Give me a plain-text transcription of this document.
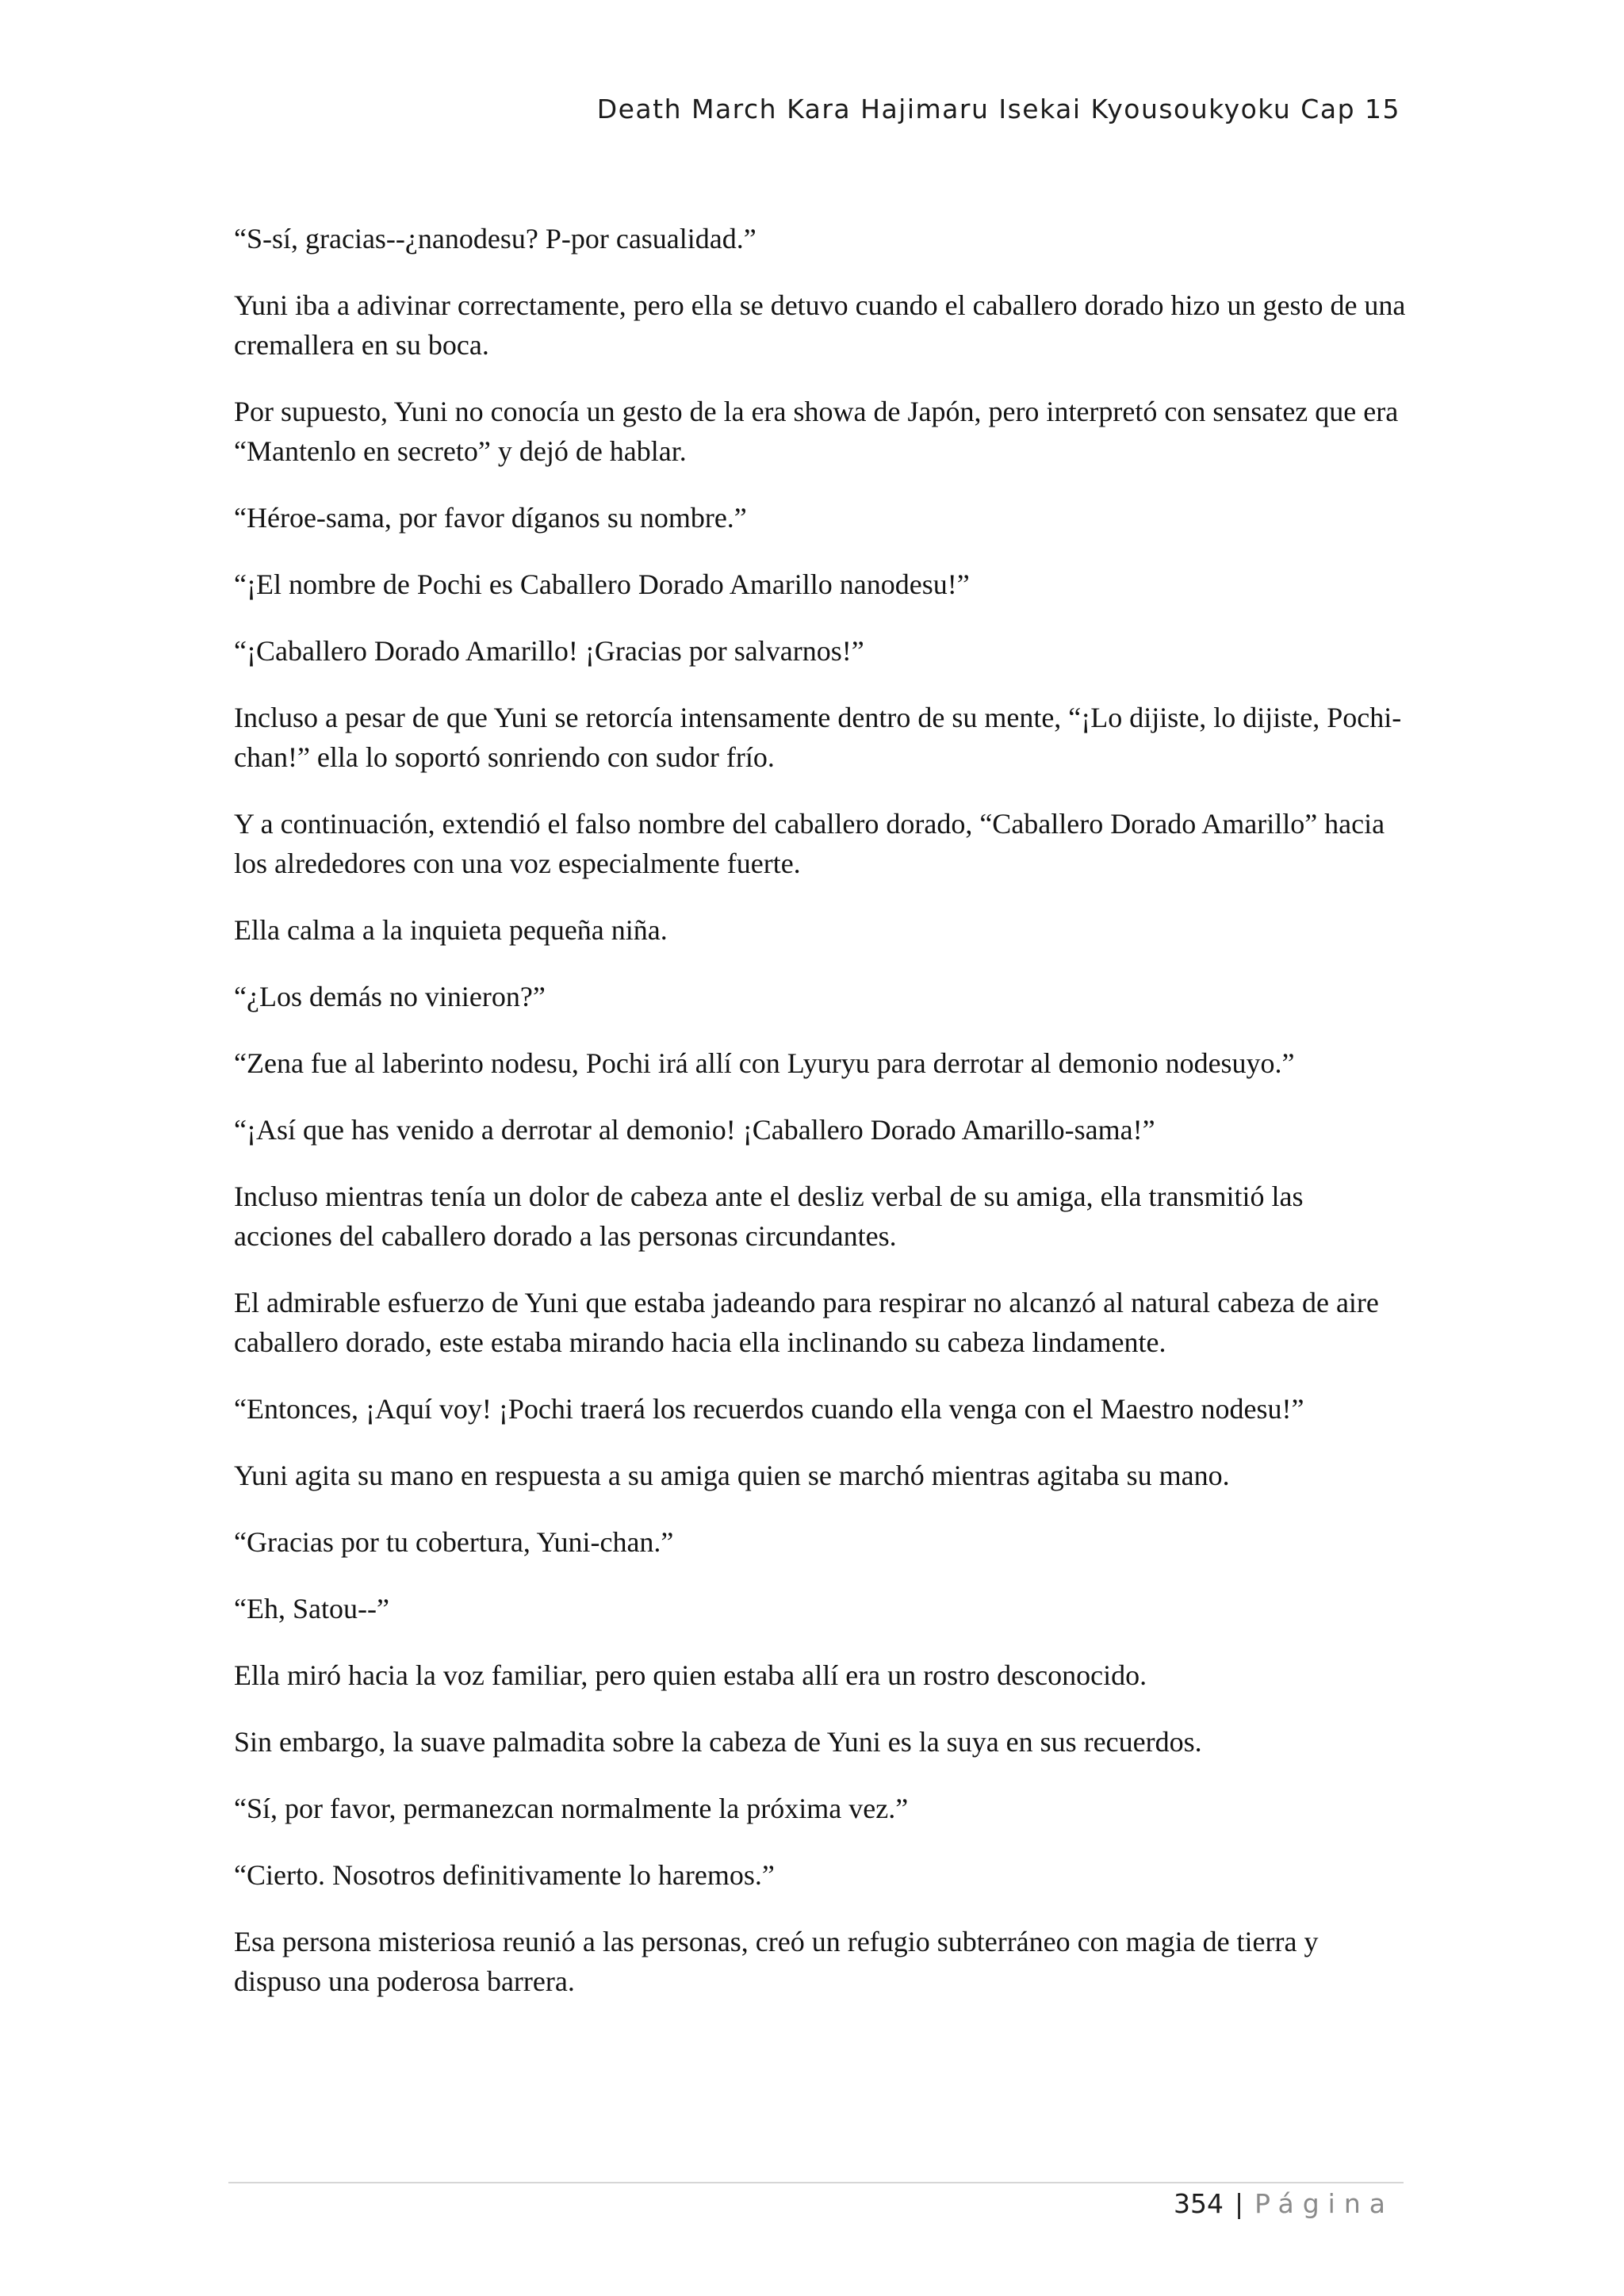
Death March Kara Hajimaru Isekai Kyousoukyoku Cap 15

“S-sí, gracias--¿nanodesu? P-por casualidad.”

Yuni iba a adivinar correctamente, pero ella se detuvo cuando el caballero dorado hizo un gesto de una cremallera en su boca.

Por supuesto, Yuni no conocía un gesto de la era showa de Japón, pero interpretó con sensatez que era “Mantenlo en secreto” y dejó de hablar.

“Héroe-sama, por favor díganos su nombre.”

“¡El nombre de Pochi es Caballero Dorado Amarillo nanodesu!”

“¡Caballero Dorado Amarillo! ¡Gracias por salvarnos!”

Incluso a pesar de que Yuni se retorcía intensamente dentro de su mente, “¡Lo dijiste, lo dijiste, Pochi-chan!” ella lo soportó sonriendo con sudor frío.

Y a continuación, extendió el falso nombre del caballero dorado, “Caballero Dorado Amarillo” hacia los alrededores con una voz especialmente fuerte.

Ella calma a la inquieta pequeña niña.

“¿Los demás no vinieron?”

“Zena fue al laberinto nodesu, Pochi irá allí con Lyuryu para derrotar al demonio nodesuyo.”

“¡Así que has venido a derrotar al demonio! ¡Caballero Dorado Amarillo-sama!”

Incluso mientras tenía un dolor de cabeza ante el desliz verbal de su amiga, ella transmitió las acciones del caballero dorado a las personas circundantes.

El admirable esfuerzo de Yuni que estaba jadeando para respirar no alcanzó al natural cabeza de aire caballero dorado, este estaba mirando hacia ella inclinando su cabeza lindamente.

“Entonces, ¡Aquí voy! ¡Pochi traerá los recuerdos cuando ella venga con el Maestro nodesu!”

Yuni agita su mano en respuesta a su amiga quien se marchó mientras agitaba su mano.

“Gracias por tu cobertura, Yuni-chan.”

“Eh, Satou--”

Ella miró hacia la voz familiar, pero quien estaba allí era un rostro desconocido.

Sin embargo, la suave palmadita sobre la cabeza de Yuni es la suya en sus recuerdos.

“Sí, por favor, permanezcan normalmente la próxima vez.”

“Cierto. Nosotros definitivamente lo haremos.”

Esa persona misteriosa reunió a las personas, creó un refugio subterráneo con magia de tierra y dispuso una poderosa barrera.

354 | Página
